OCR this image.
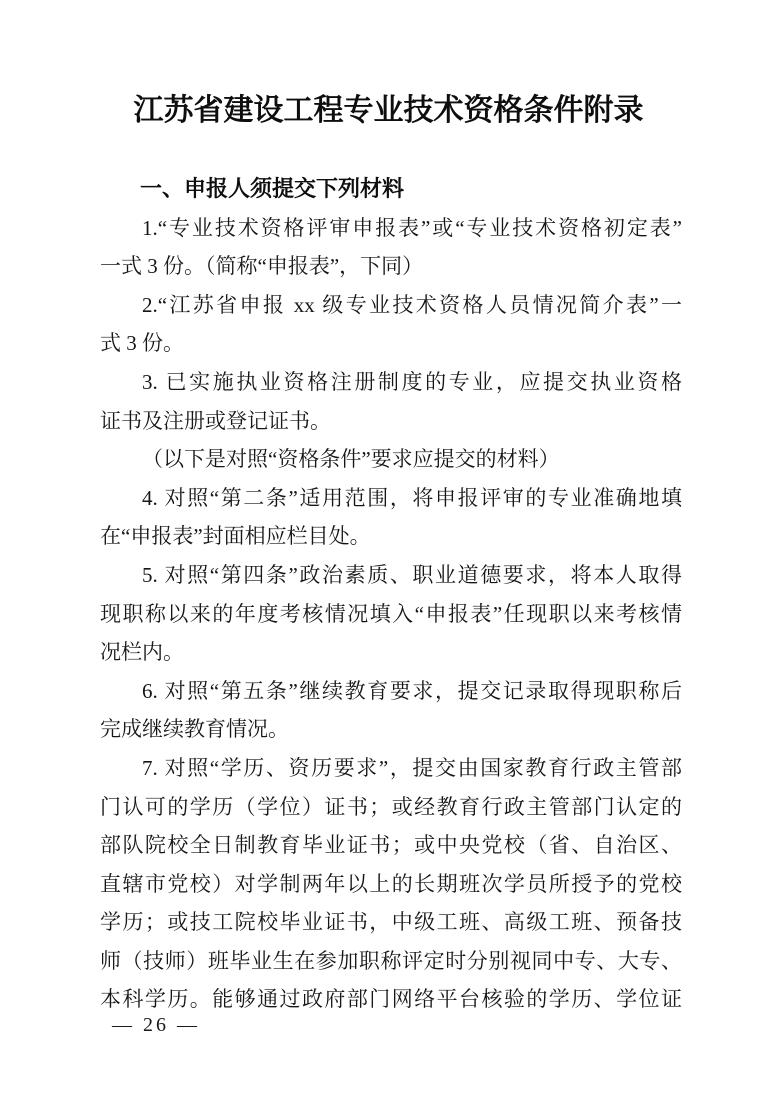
江苏省建设工程专业技术资格条件附录
一、申报人须提交下列材料
1.“专业技术资格评审申报表”或“专业技术资格初定表”
一式 3 份。（简称“申报表”，下同）
2.“江苏省申报 xx 级专业技术资格人员情况简介表”一
式 3 份。
3. 已实施执业资格注册制度的专业，应提交执业资格
证书及注册或登记证书。
（以下是对照“资格条件”要求应提交的材料）
4. 对照“第二条”适用范围，将申报评审的专业准确地填
在“申报表”封面相应栏目处。
5. 对照“第四条”政治素质、职业道德要求，将本人取得
现职称以来的年度考核情况填入“申报表”任现职以来考核情
况栏内。
6. 对照“第五条”继续教育要求，提交记录取得现职称后
完成继续教育情况。
7. 对照“学历、资历要求”，提交由国家教育行政主管部
门认可的学历（学位）证书；或经教育行政主管部门认定的
部队院校全日制教育毕业证书；或中央党校（省、自治区、
直辖市党校）对学制两年以上的长期班次学员所授予的党校
学历；或技工院校毕业证书，中级工班、高级工班、预备技
师（技师）班毕业生在参加职称评定时分别视同中专、大专、
本科学历。能够通过政府部门网络平台核验的学历、学位证
— 26 —
